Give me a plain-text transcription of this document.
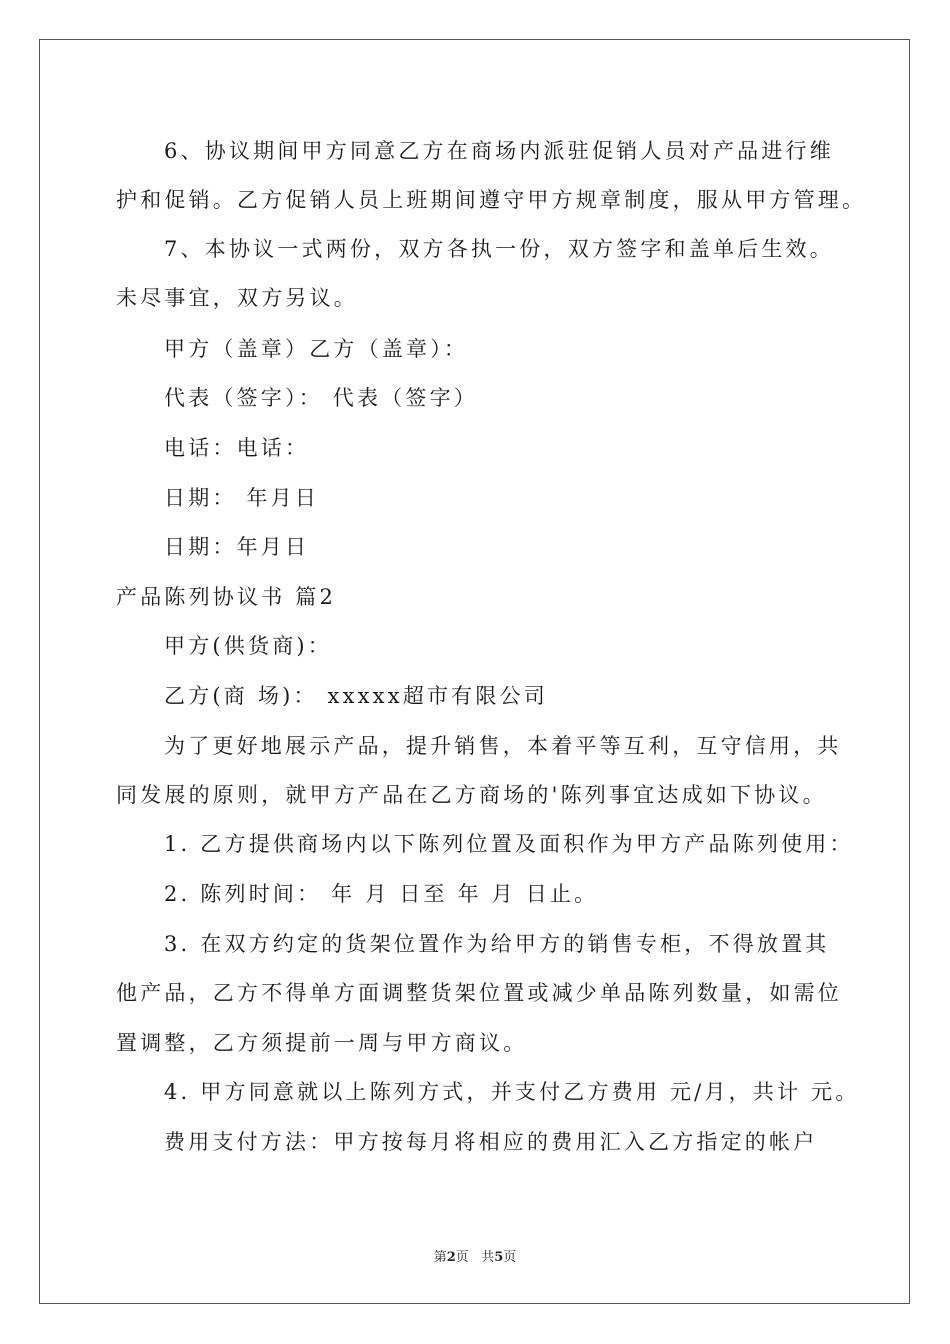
6、协议期间甲方同意乙方在商场内派驻促销人员对产品进行维
护和促销。乙方促销人员上班期间遵守甲方规章制度，服从甲方管理。
7、本协议一式两份，双方各执一份，双方签字和盖单后生效。
未尽事宜，双方另议。
甲方（盖章）乙方（盖章）：
代表（签字）： 代表（签字）
电话：电话：
日期： 年月日
日期：年月日
产品陈列协议书 篇2
甲方(供货商)：
乙方(商 场)： xxxxx超市有限公司
为了更好地展示产品，提升销售，本着平等互利，互守信用，共
同发展的原则，就甲方产品在乙方商场的'陈列事宜达成如下协议。
1. 乙方提供商场内以下陈列位置及面积作为甲方产品陈列使用：
2. 陈列时间： 年 月 日至 年 月 日止。
3. 在双方约定的货架位置作为给甲方的销售专柜，不得放置其
他产品，乙方不得单方面调整货架位置或减少单品陈列数量，如需位
置调整，乙方须提前一周与甲方商议。
4. 甲方同意就以上陈列方式，并支付乙方费用 元/月，共计 元。
费用支付方法：甲方按每月将相应的费用汇入乙方指定的帐户
第2页 共5页
